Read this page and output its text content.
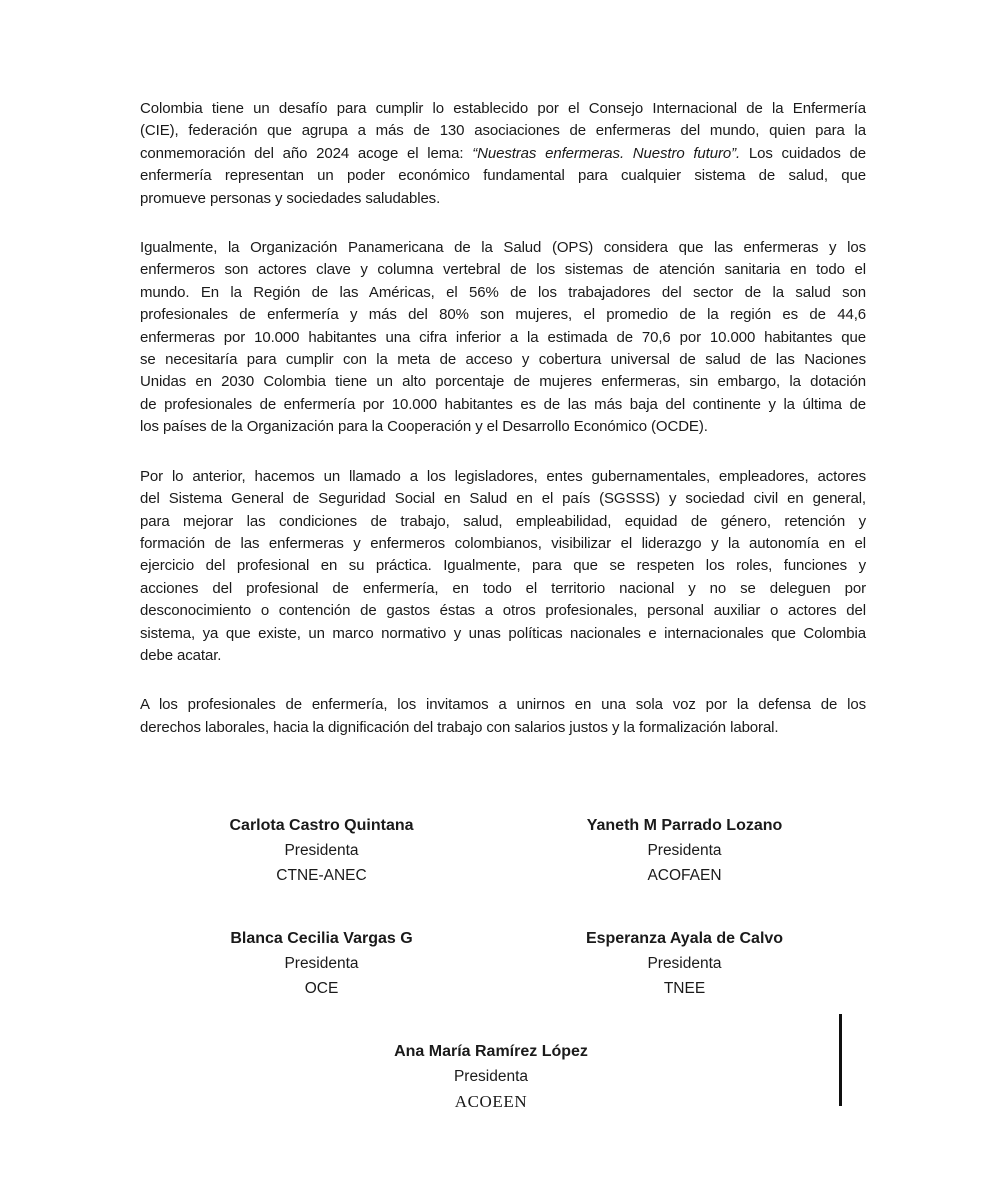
Colombia tiene un desafío para cumplir lo establecido por el Consejo Internacional de la Enfermería
(CIE), federación que agrupa a más de 130 asociaciones de enfermeras del mundo, quien para la
conmemoración del año 2024 acoge el lema: “Nuestras enfermeras. Nuestro futuro”. Los cuidados de
enfermería representan un poder económico fundamental para cualquier sistema de salud, que
promueve personas y sociedades saludables.
Igualmente, la Organización Panamericana de la Salud (OPS) considera que las enfermeras y los
enfermeros son actores clave y columna vertebral de los sistemas de atención sanitaria en todo el
mundo. En la Región de las Américas, el 56% de los trabajadores del sector de la salud son
profesionales de enfermería y más del 80% son mujeres, el promedio de la región es de 44,6
enfermeras por 10.000 habitantes una cifra inferior a la estimada de 70,6 por 10.000 habitantes que
se necesitaría para cumplir con la meta de acceso y cobertura universal de salud de las Naciones
Unidas en 2030 Colombia tiene un alto porcentaje de mujeres enfermeras, sin embargo, la dotación
de profesionales de enfermería por 10.000 habitantes es de las más baja del continente y la última de
los países de la Organización para la Cooperación y el Desarrollo Económico (OCDE).
Por lo anterior, hacemos un llamado a los legisladores, entes gubernamentales, empleadores, actores
del Sistema General de Seguridad Social en Salud en el país (SGSSS) y sociedad civil en general,
para mejorar las condiciones de trabajo, salud, empleabilidad, equidad de género, retención y
formación de las enfermeras y enfermeros colombianos, visibilizar el liderazgo y la autonomía en el
ejercicio del profesional en su práctica. Igualmente, para que se respeten los roles, funciones y
acciones del profesional de enfermería, en todo el territorio nacional y no se deleguen por
desconocimiento o contención de gastos éstas a otros profesionales, personal auxiliar o actores del
sistema, ya que existe, un marco normativo y unas políticas nacionales e internacionales que Colombia
debe acatar.
A los profesionales de enfermería, los invitamos a unirnos en una sola voz por la defensa de los
derechos laborales, hacia la dignificación del trabajo con salarios justos y la formalización laboral.
Carlota Castro Quintana
Presidenta
CTNE-ANEC
Yaneth M Parrado Lozano
Presidenta
ACOFAEN
Blanca Cecilia Vargas G
Presidenta
OCE
Esperanza Ayala de Calvo
Presidenta
TNEE
Ana María Ramírez López
Presidenta
ACOEEN
